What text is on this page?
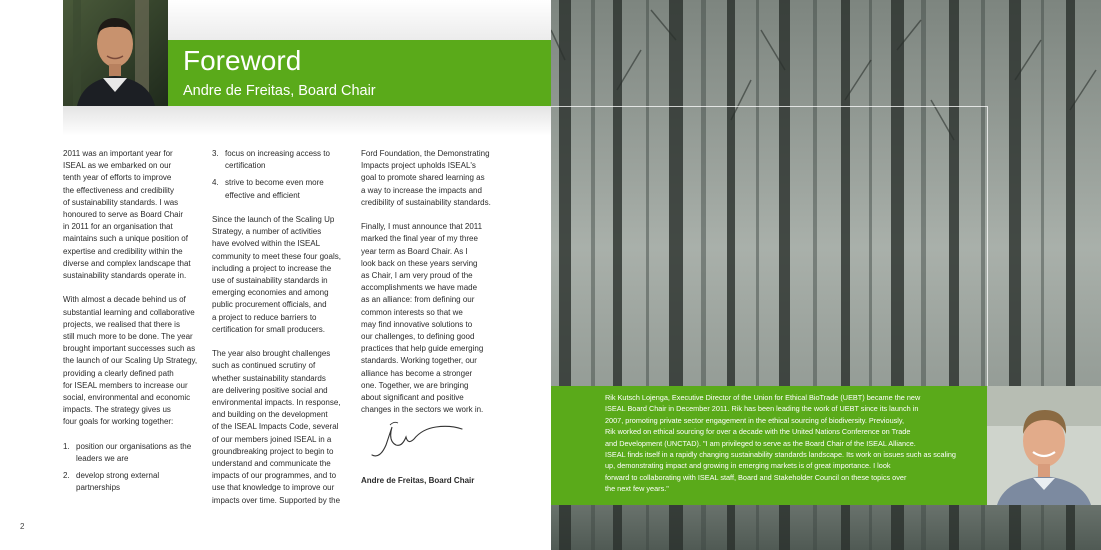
Foreword
Andre de Freitas, Board Chair

2011 was an important year for
ISEAL as we embarked on our
tenth year of efforts to improve
the effectiveness and credibility
of sustainability standards. I was
honoured to serve as Board Chair
in 2011 for an organisation that
maintains such a unique position of
expertise and credibility within the
diverse and complex landscape that
sustainability standards operate in.

With almost a decade behind us of
substantial learning and collaborative
projects, we realised that there is
still much more to be done. The year
brought important successes such as
the launch of our Scaling Up Strategy,
providing a clearly defined path
for ISEAL members to increase our
social, environmental and economic
impacts. The strategy gives us
four goals for working together:

1. position our organisations as the
leaders we are
2. develop strong external
partnerships
3. focus on increasing access to
certification
4. strive to become even more
effective and efficient

Since the launch of the Scaling Up
Strategy, a number of activities
have evolved within the ISEAL
community to meet these four goals,
including a project to increase the
use of sustainability standards in
emerging economies and among
public procurement officials, and
a project to reduce barriers to
certification for small producers.

The year also brought challenges
such as continued scrutiny of
whether sustainability standards
are delivering positive social and
environmental impacts. In response,
and building on the development
of the ISEAL Impacts Code, several
of our members joined ISEAL in a
groundbreaking project to begin to
understand and communicate the
impacts of our programmes, and to
use that knowledge to improve our
impacts over time. Supported by the

Ford Foundation, the Demonstrating
Impacts project upholds ISEAL's
goal to promote shared learning as
a way to increase the impacts and
credibility of sustainability standards.

Finally, I must announce that 2011
marked the final year of my three
year term as Board Chair. As I
look back on these years serving
as Chair, I am very proud of the
accomplishments we have made
as an alliance: from defining our
common interests so that we
may find innovative solutions to
our challenges, to defining good
practices that help guide emerging
standards. Working together, our
alliance has become a stronger
one. Together, we are bringing
about significant and positive
changes in the sectors we work in.

Andre de Freitas, Board Chair
2
Rik Kutsch Lojenga, Executive Director of the Union for Ethical BioTrade (UEBT) became the new
ISEAL Board Chair in December 2011. Rik has been leading the work of UEBT since its launch in
2007, promoting private sector engagement in the ethical sourcing of biodiversity. Previously,
Rik worked on ethical sourcing for over a decade with the United Nations Conference on Trade
and Development (UNCTAD). "I am privileged to serve as the Board Chair of the ISEAL Alliance.
ISEAL finds itself in a rapidly changing sustainability standards landscape. Its work on issues such as scaling
up, demonstrating impact and growing in emerging markets is of great importance. I look
forward to collaborating with ISEAL staff, Board and Stakeholder Council on these topics over
the next few years."
